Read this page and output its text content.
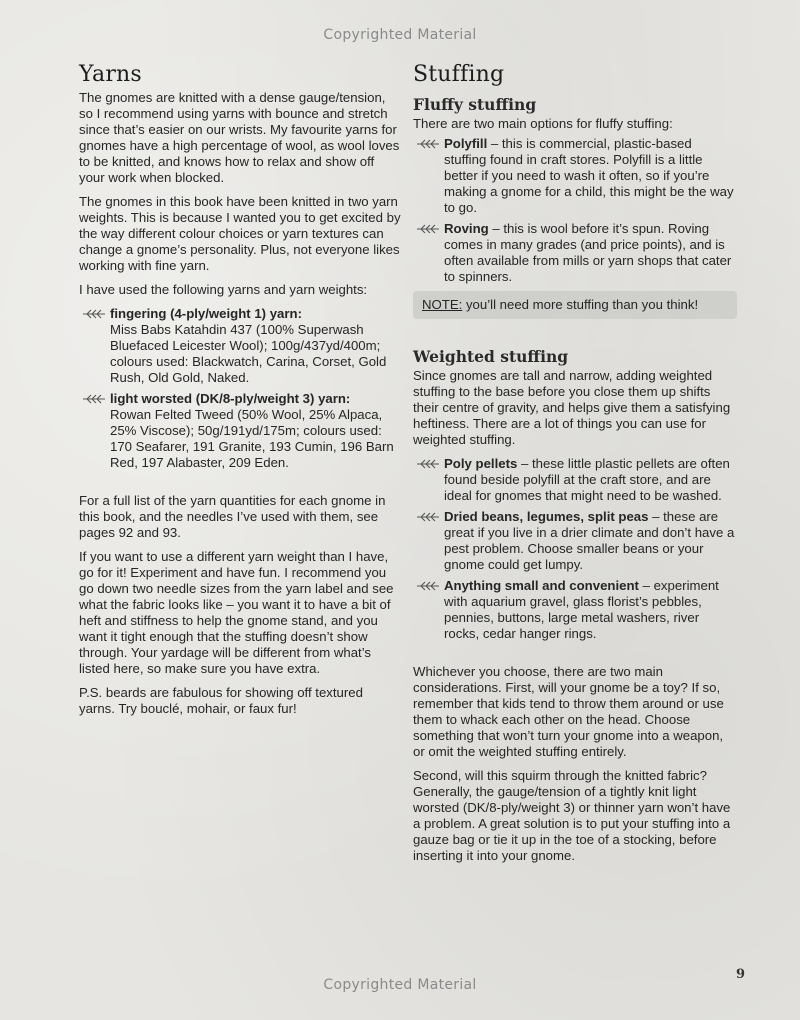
Copyrighted Material
Copyrighted Material
Yarns

The gnomes are knitted with a dense gauge/tension, so I recommend using yarns with bounce and stretch since that’s easier on our wrists. My favourite yarns for gnomes have a high percentage of wool, as wool loves to be knitted, and knows how to relax and show off your work when blocked.

The gnomes in this book have been knitted in two yarn weights. This is because I wanted you to get excited by the way different colour choices or yarn textures can change a gnome’s personality. Plus, not everyone likes working with fine yarn.

I have used the following yarns and yarn weights:

fingering (4-ply/weight 1) yarn:
Miss Babs Katahdin 437 (100% Superwash Bluefaced Leicester Wool); 100g/437yd/400m; colours used: Blackwatch, Carina, Corset, Gold Rush, Old Gold, Naked.
light worsted (DK/8-ply/weight 3) yarn:
Rowan Felted Tweed (50% Wool, 25% Alpaca, 25% Viscose); 50g/191yd/175m; colours used: 170 Seafarer, 191 Granite, 193 Cumin, 196 Barn Red, 197 Alabaster, 209 Eden.

For a full list of the yarn quantities for each gnome in this book, and the needles I’ve used with them, see pages 92 and 93.

If you want to use a different yarn weight than I have, go for it! Experiment and have fun. I recommend you go down two needle sizes from the yarn label and see what the fabric looks like – you want it to have a bit of heft and stiffness to help the gnome stand, and you want it tight enough that the stuffing doesn’t show through. Your yardage will be different from what’s listed here, so make sure you have extra.

P.S. beards are fabulous for showing off textured yarns. Try bouclé, mohair, or faux fur!

Stuffing
Fluffy stuffing

There are two main options for fluffy stuffing:

Polyfill – this is commercial, plastic-based stuffing found in craft stores. Polyfill is a little better if you need to wash it often, so if you’re making a gnome for a child, this might be the way to go.
Roving – this is wool before it’s spun. Roving comes in many grades (and price points), and is often available from mills or yarn shops that cater to spinners.
NOTE: you’ll need more stuffing than you think!
Weighted stuffing

Since gnomes are tall and narrow, adding weighted stuffing to the base before you close them up shifts their centre of gravity, and helps give them a satisfying heftiness. There are a lot of things you can use for weighted stuffing.

Poly pellets – these little plastic pellets are often found beside polyfill at the craft store, and are ideal for gnomes that might need to be washed.
Dried beans, legumes, split peas – these are great if you live in a drier climate and don’t have a pest problem. Choose smaller beans or your gnome could get lumpy.
Anything small and convenient – experiment with aquarium gravel, glass florist’s pebbles, pennies, buttons, large metal washers, river rocks, cedar hanger rings.

Whichever you choose, there are two main considerations. First, will your gnome be a toy? If so, remember that kids tend to throw them around or use them to whack each other on the head. Choose something that won’t turn your gnome into a weapon, or omit the weighted stuffing entirely.

Second, will this squirm through the knitted fabric? Generally, the gauge/tension of a tightly knit light worsted (DK/8-ply/weight 3) or thinner yarn won’t have a problem. A great solution is to put your stuffing into a gauze bag or tie it up in the toe of a stocking, before inserting it into your gnome.

9
